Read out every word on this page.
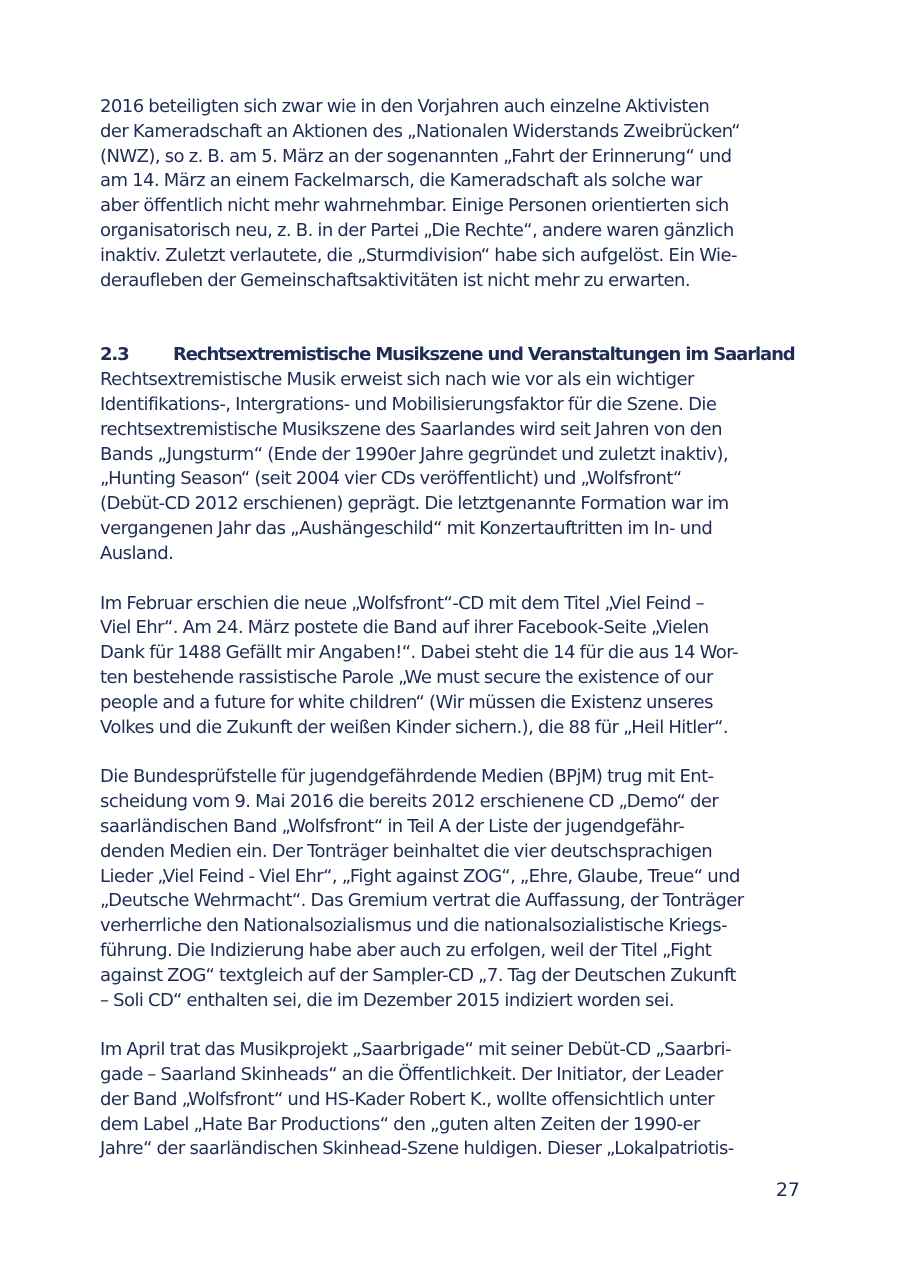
2016 beteiligten sich zwar wie in den Vorjahren auch einzelne Aktivisten
der Kameradschaft an Aktionen des „Nationalen Widerstands Zweibrücken“
(NWZ), so z. B. am 5. März an der sogenannten „Fahrt der Erinnerung“ und
am 14. März an einem Fackelmarsch, die Kameradschaft als solche war
aber öffentlich nicht mehr wahrnehmbar. Einige Personen orientierten sich
organisatorisch neu, z. B. in der Partei „Die Rechte“, andere waren gänzlich
inaktiv. Zuletzt verlautete, die „Sturmdivision“ habe sich aufgelöst. Ein Wie-
deraufleben der Gemeinschaftsaktivitäten ist nicht mehr zu erwarten.

2.3 Rechtsextremistische Musikszene und Veranstaltungen im Saarland

Rechtsextremistische Musik erweist sich nach wie vor als ein wichtiger
Identifikations-, Intergrations- und Mobilisierungsfaktor für die Szene. Die
rechtsextremistische Musikszene des Saarlandes wird seit Jahren von den
Bands „Jungsturm“ (Ende der 1990er Jahre gegründet und zuletzt inaktiv),
„Hunting Season“ (seit 2004 vier CDs veröffentlicht) und „Wolfsfront“
(Debüt-CD 2012 erschienen) geprägt. Die letztgenannte Formation war im
vergangenen Jahr das „Aushängeschild“ mit Konzertauftritten im In- und
Ausland.

Im Februar erschien die neue „Wolfsfront“-CD mit dem Titel „Viel Feind –
Viel Ehr“. Am 24. März postete die Band auf ihrer Facebook-Seite „Vielen
Dank für 1488 Gefällt mir Angaben!“. Dabei steht die 14 für die aus 14 Wor-
ten bestehende rassistische Parole „We must secure the existence of our
people and a future for white children“ (Wir müssen die Existenz unseres
Volkes und die Zukunft der weißen Kinder sichern.), die 88 für „Heil Hitler“.

Die Bundesprüfstelle für jugendgefährdende Medien (BPjM) trug mit Ent-
scheidung vom 9. Mai 2016 die bereits 2012 erschienene CD „Demo“ der
saarländischen Band „Wolfsfront“ in Teil A der Liste der jugendgefähr-
denden Medien ein. Der Tonträger beinhaltet die vier deutschsprachigen
Lieder „Viel Feind - Viel Ehr“, „Fight against ZOG“, „Ehre, Glaube, Treue“ und
„Deutsche Wehrmacht“. Das Gremium vertrat die Auffassung, der Tonträger
verherrliche den Nationalsozialismus und die nationalsozialistische Kriegs-
führung. Die Indizierung habe aber auch zu erfolgen, weil der Titel „Fight
against ZOG“ textgleich auf der Sampler-CD „7. Tag der Deutschen Zukunft
– Soli CD“ enthalten sei, die im Dezember 2015 indiziert worden sei.

Im April trat das Musikprojekt „Saarbrigade“ mit seiner Debüt-CD „Saarbri-
gade – Saarland Skinheads“ an die Öffentlichkeit. Der Initiator, der Leader
der Band „Wolfsfront“ und HS-Kader Robert K., wollte offensichtlich unter
dem Label „Hate Bar Productions“ den „guten alten Zeiten der 1990-er
Jahre“ der saarländischen Skinhead-Szene huldigen. Dieser „Lokalpatriotis-

27
